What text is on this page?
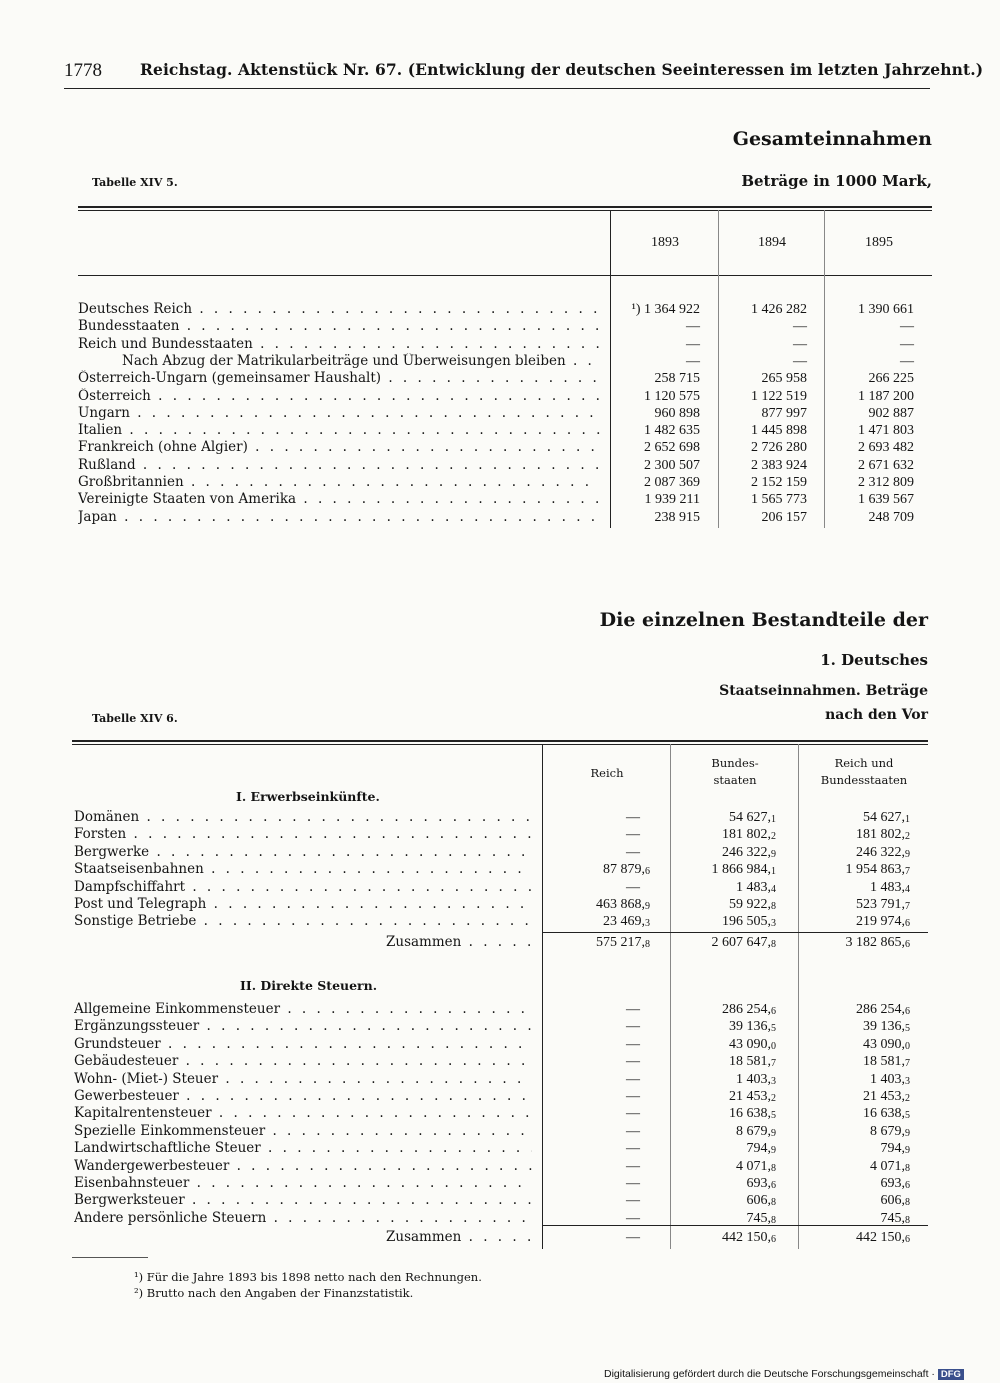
1778 Reichstag. Aktenstück Nr. 67. (Entwicklung der deutschen Seeinteressen im letzten Jahrzehnt.)
Gesamteinnahmen
Tabelle XIV 5.	Beträge in 1000 Mark,
1893	1894	1895
Deutsches Reich . . .	¹) 1 364 922	1 426 282	1 390 661
Bundesstaaten . . .	—	—	—
Reich und Bundesstaaten . . .	—	—	—
Nach Abzug der Matrikularbeiträge und Überweisungen bleiben . . .	—	—	—
Österreich-Ungarn (gemeinsamer Haushalt) . . .	258 715	265 958	266 225
Österreich . . .	1 120 575	1 122 519	1 187 200
Ungarn . . .	960 898	877 997	902 887
Italien . . .	1 482 635	1 445 898	1 471 803
Frankreich (ohne Algier) . . .	2 652 698	2 726 280	2 693 482
Rußland . . .	2 300 507	2 383 924	2 671 632
Großbritannien . . .	2 087 369	2 152 159	2 312 809
Vereinigte Staaten von Amerika . . .	1 939 211	1 565 773	1 639 567
Japan . . .	238 915	206 157	248 709
Die einzelnen Bestandteile der
1. Deutsches
Staatseinnahmen. Beträge
nach den Vor
Tabelle XIV 6.
Reich
Bundes-
staaten
Reich und
Bundesstaaten
I. Erwerbseinkünfte.
II. Direkte Steuern.
Domänen . . .	—	54 $627,_1$	54 $627,_1$
Forsten . . .	—	181 $802,_2$	181 $802,_2$
Bergwerke . . .	—	246 $322,_9$	246 $322,_9$
Staatseisenbahnen . . .	87 $879,_6$	1 866 $984,_1$	1 954 $863,_7$
Dampfschiffahrt . . .	—	1 $483,_4$	1 $483,_4$
Post und Telegraph . . .	463 $868,_9$	59 $922,_8$	523 $791,_7$
Sonstige Betriebe . . .	23 $469,_3$	196 $505,_3$	219 $974,_6$
Zusammen . . .	575 $217,_8$	2 607 $647,_8$	3 182 $865,_6$
Allgemeine Einkommensteuer . . .	—	286 $254,_6$	286 $254,_6$
Ergänzungssteuer . . .	—	39 $136,_5$	39 $136,_5$
Grundsteuer . . .	—	43 $090,_0$	43 $090,_0$
Gebäudesteuer . . .	—	18 $581,_7$	18 $581,_7$
Wohn- (Miet-) Steuer . . .	—	1 $403,_3$	1 $403,_3$
Gewerbesteuer . . .	—	21 $453,_2$	21 $453,_2$
Kapitalrentensteuer . . .	—	16 $638,_5$	16 $638,_5$
Spezielle Einkommensteuer . . .	—	8 $679,_9$	8 $679,_9$
Landwirtschaftliche Steuer . . .	—	$794,_9$	$794,_9$
Wandergewerbesteuer . . .	—	4 $071,_8$	4 $071,_8$
Eisenbahnsteuer . . .	—	$693,_6$	$693,_6$
Bergwerksteuer . . .	—	$606,_8$	$606,_8$
Andere persönliche Steuern . . .	—	$745,_8$	$745,_8$
Zusammen . . .	—	442 $150,_6$	442 $150,_6$
¹) Für die Jahre 1893 bis 1898 netto nach den Rechnungen.
²) Brutto nach den Angaben der Finanzstatistik.
Digitalisierung gefördert durch die Deutsche Forschungsgemeinschaft · DFG
